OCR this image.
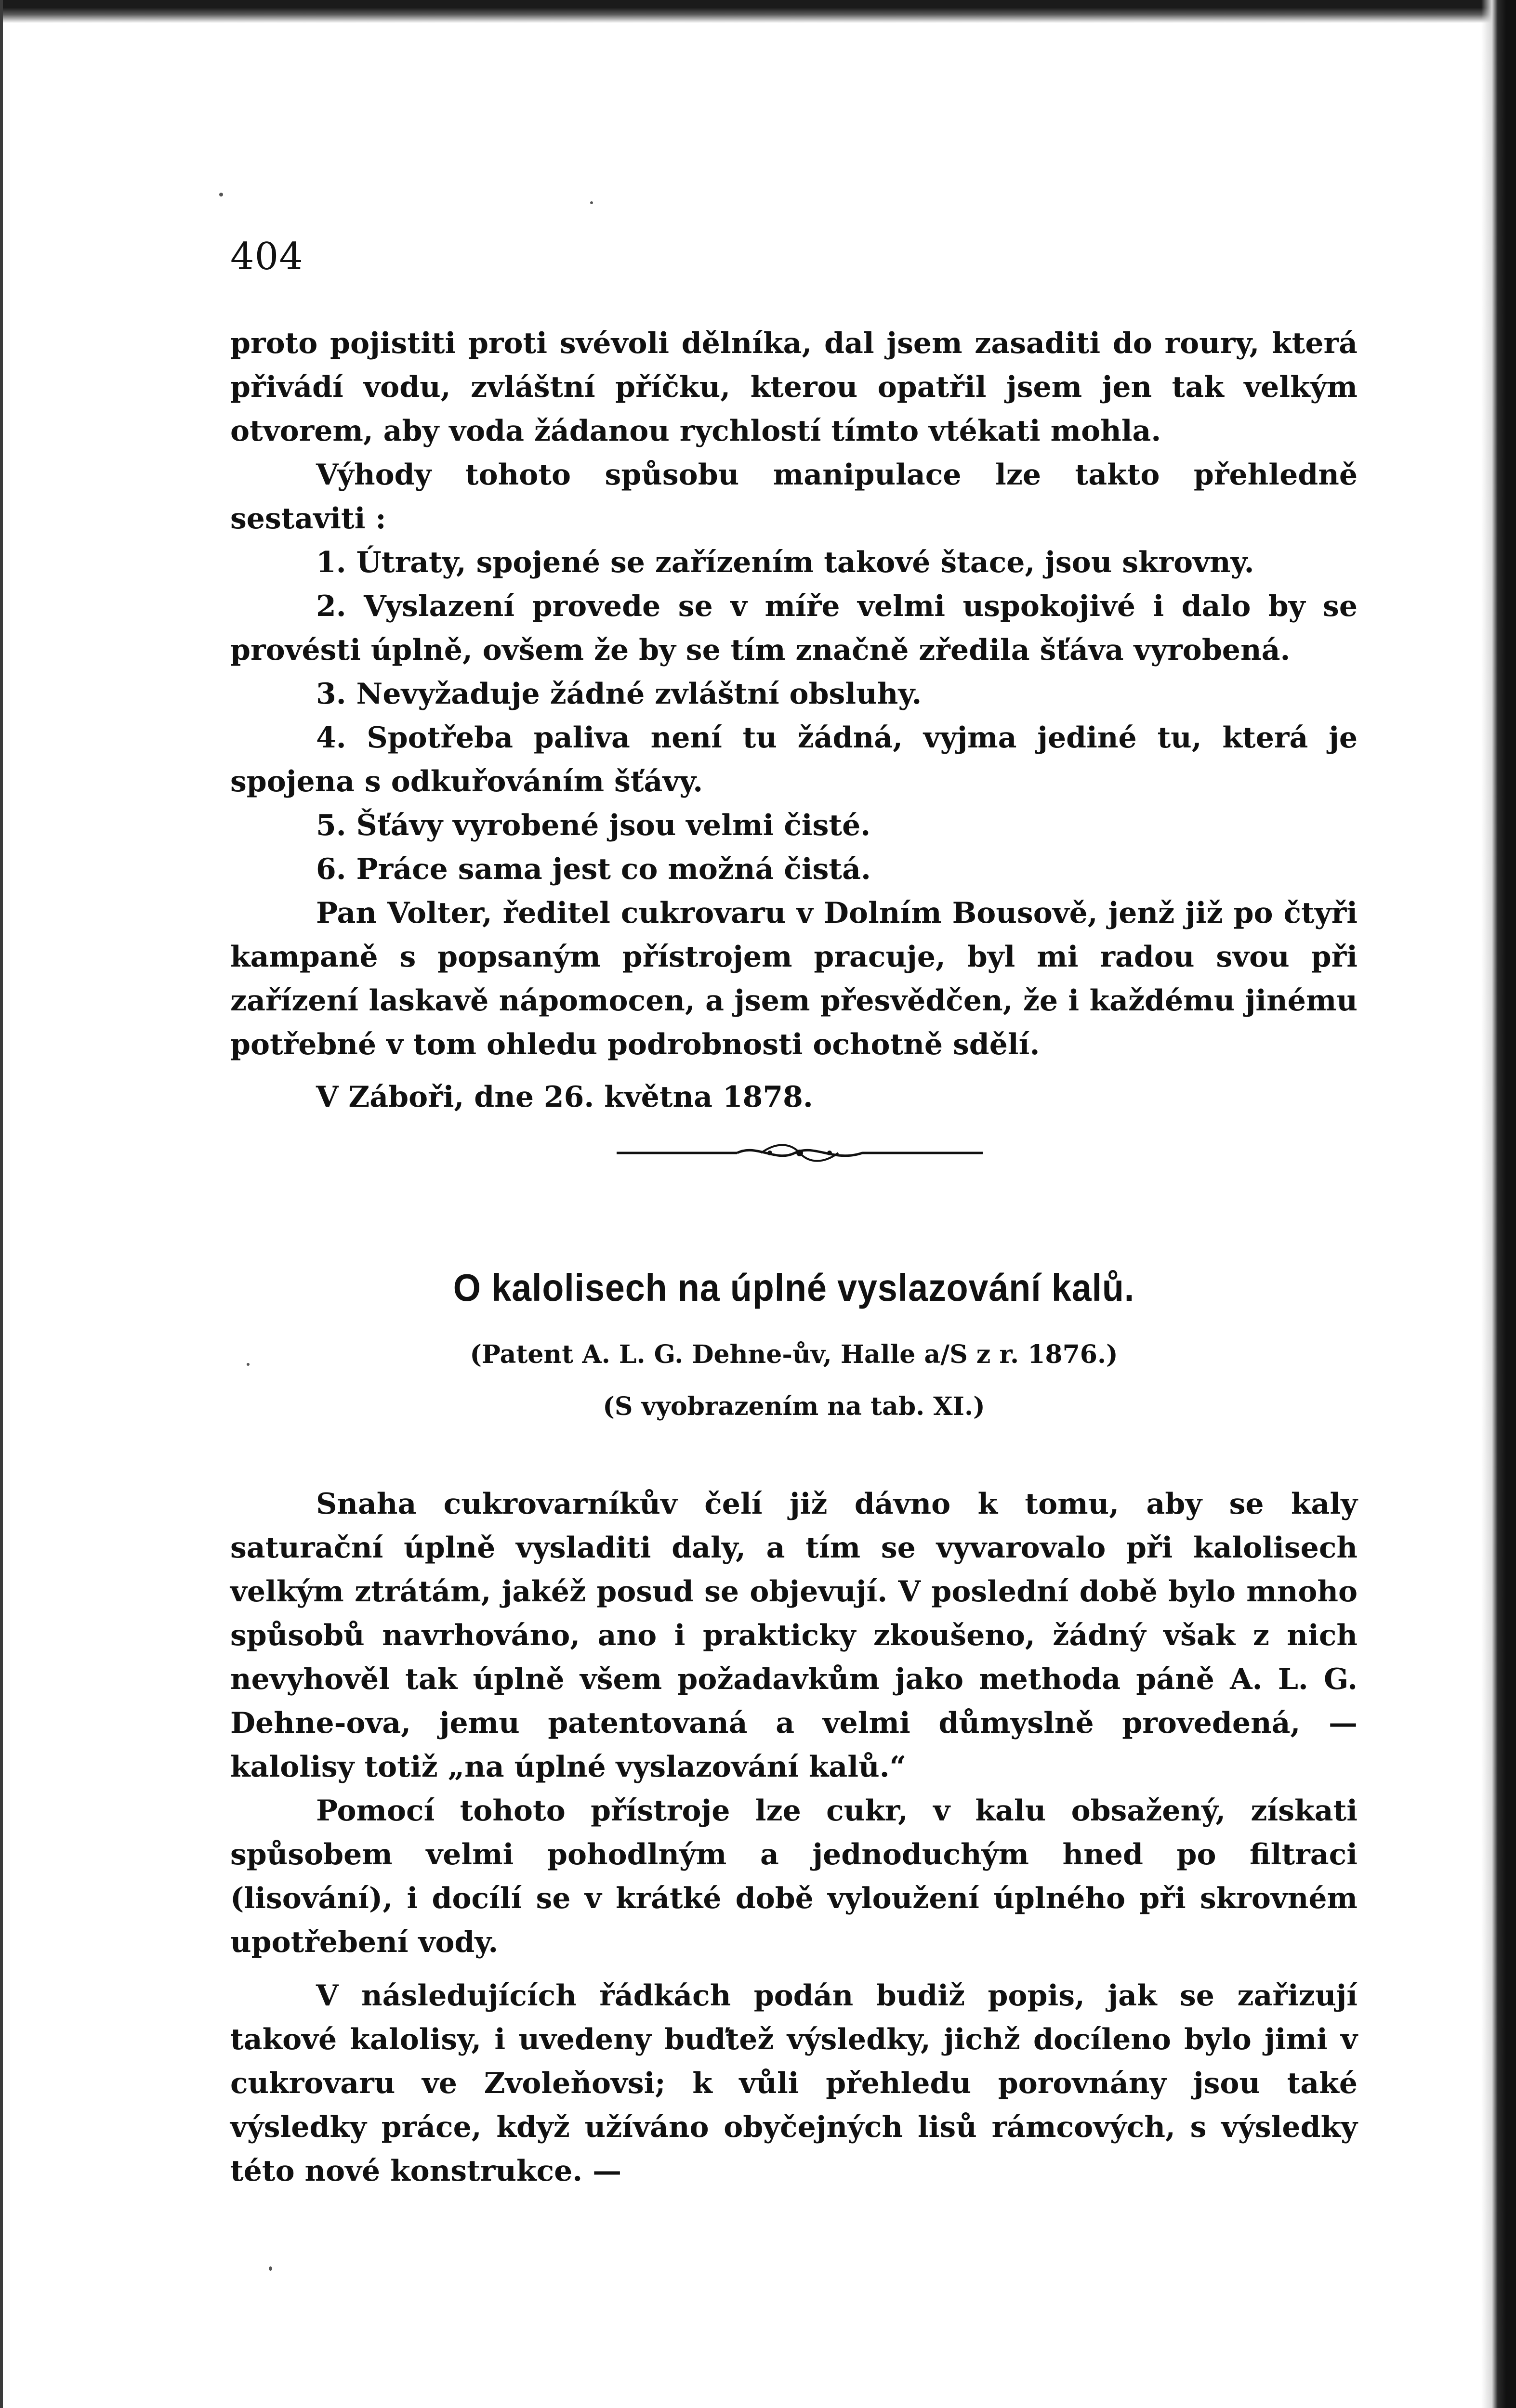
404

proto pojistiti proti svévoli dělníka, dal jsem zasaditi do roury, která přivádí vodu, zvláštní příčku, kterou opatřil jsem jen tak velkým otvorem, aby voda žádanou rychlostí tímto vtékati mohla.

Výhody tohoto spůsobu manipulace lze takto přehledně sestaviti :

1. Útraty, spojené se zařízením takové štace, jsou skrovny.

2. Vyslazení provede se v míře velmi uspokojivé i dalo by se provésti úplně, ovšem že by se tím značně zředila šťáva vyrobená.

3. Nevyžaduje žádné zvláštní obsluhy.

4. Spotřeba paliva není tu žádná, vyjma jediné tu, která je spojena s odkuřováním šťávy.

5. Šťávy vyrobené jsou velmi čisté.

6. Práce sama jest co možná čistá.

Pan Volter, ředitel cukrovaru v Dolním Bousově, jenž již po čtyři kampaně s popsaným přístrojem pracuje, byl mi radou svou při zařízení laskavě nápomocen, a jsem přesvědčen, že i každému jinému potřebné v tom ohledu podrobnosti ochotně sdělí.

V Záboři, dne 26. května 1878.

O kalolisech na úplné vyslazování kalů.
(Patent A. L. G. Dehne-ův, Halle a/S z r. 1876.)
(S vyobrazením na tab. XI.)

Snaha cukrovarníkův čelí již dávno k tomu, aby se kaly saturační úplně vysladiti daly, a tím se vyvarovalo při kalolisech velkým ztrátám, jakéž posud se objevují. V poslední době bylo mnoho spůsobů navrhováno, ano i prakticky zkoušeno, žádný však z nich nevyhověl tak úplně všem požadavkům jako methoda páně A. L. G. Dehne-ova, jemu patentovaná a velmi důmyslně provedená, — kalolisy totiž „na úplné vyslazování kalů.“

Pomocí tohoto přístroje lze cukr, v kalu obsažený, získati spůsobem velmi pohodlným a jednoduchým hned po filtraci (lisování), i docílí se v krátké době vyloužení úplného při skrovném upotřebení vody.

V následujících řádkách podán budiž popis, jak se zařizují takové kalolisy, i uvedeny buďtež výsledky, jichž docíleno bylo jimi v cukrovaru ve Zvoleňovsi; k vůli přehledu porovnány jsou také výsledky práce, když užíváno obyčejných lisů rámcových, s výsledky této nové konstrukce. —
